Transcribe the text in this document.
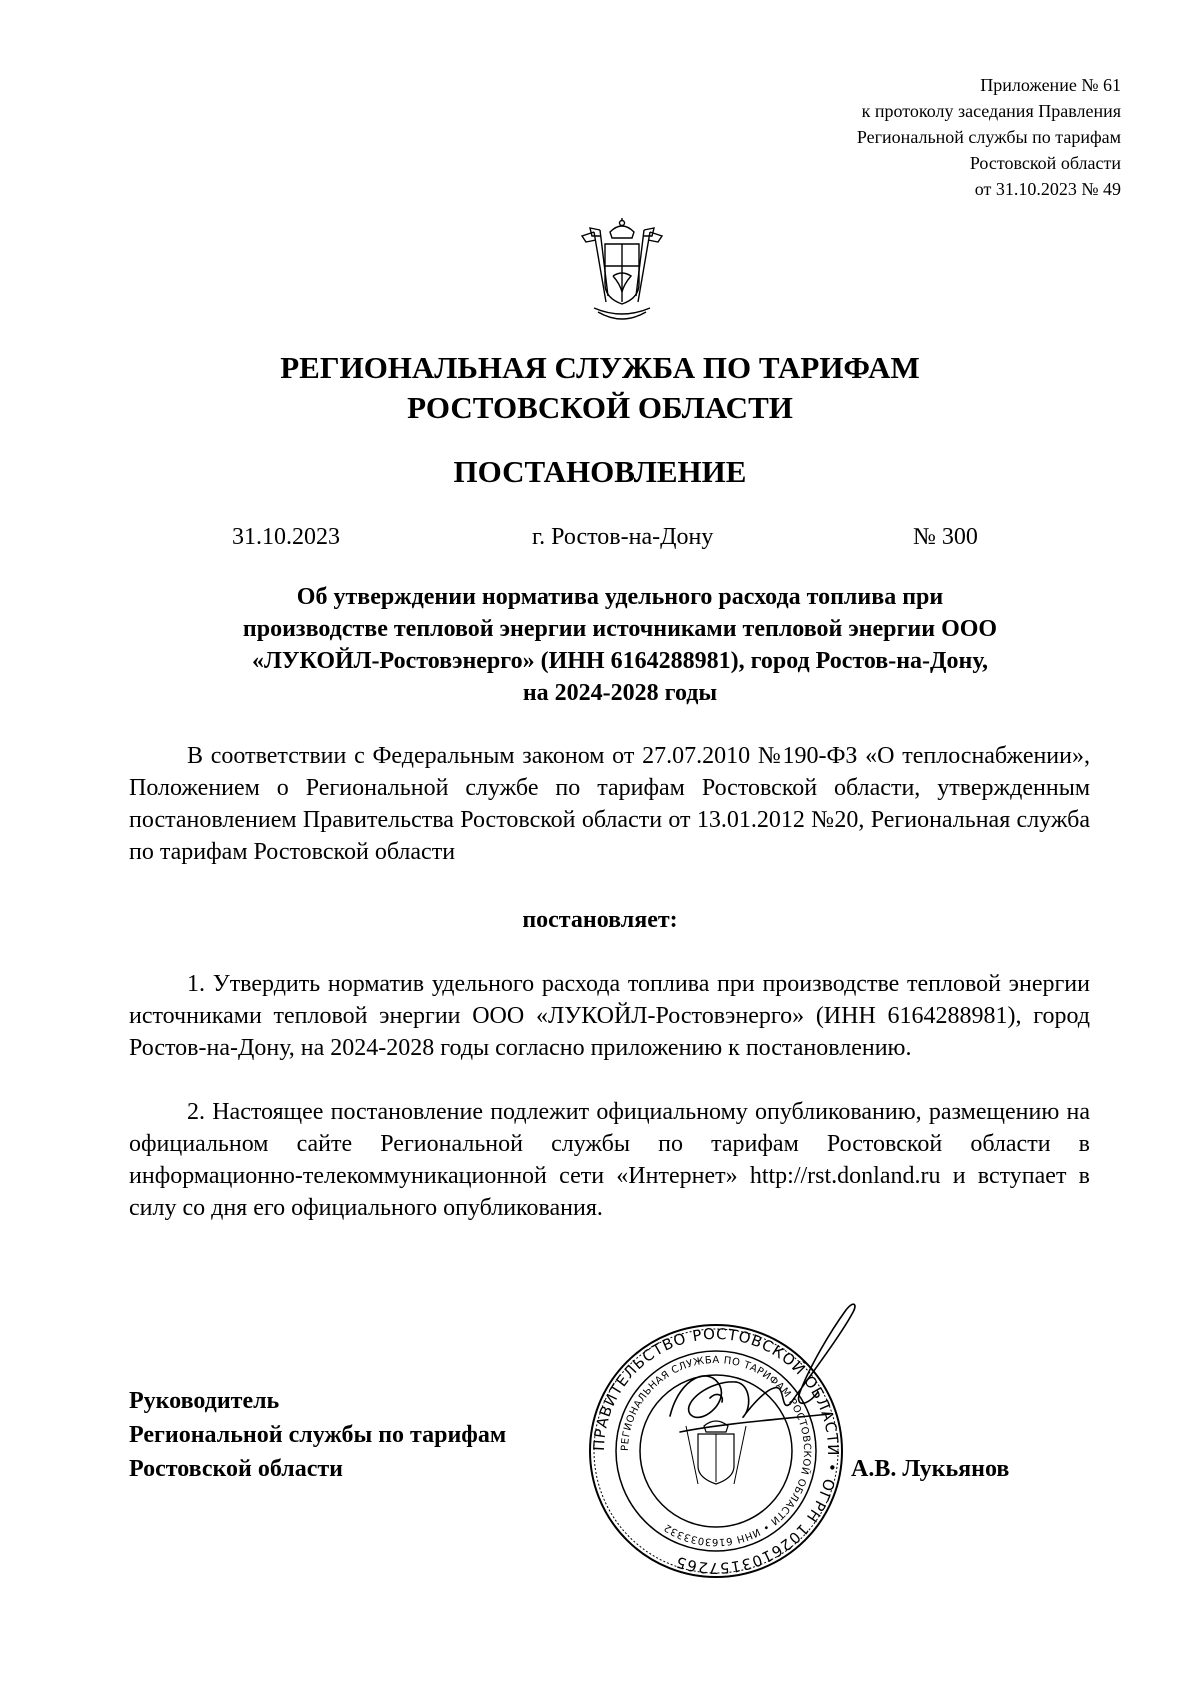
Приложение № 61
к протоколу заседания Правления
Региональной службы по тарифам
Ростовской области
от 31.10.2023 № 49
РЕГИОНАЛЬНАЯ СЛУЖБА ПО ТАРИФАМ
РОСТОВСКОЙ ОБЛАСТИ
ПОСТАНОВЛЕНИЕ
31.10.2023	г. Ростов-на-Дону	№ 300
Об утверждении норматива удельного расхода топлива при
производстве тепловой энергии источниками тепловой энергии ООО
«ЛУКОЙЛ-Ростовэнерго» (ИНН 6164288981), город Ростов-на-Дону,
на 2024-2028 годы
В соответствии с Федеральным законом от 27.07.2010 №190-ФЗ «О теплоснабжении», Положением о Региональной службе по тарифам Ростовской области, утвержденным постановлением Правительства Ростовской области от 13.01.2012 №20, Региональная служба по тарифам Ростовской области
постановляет:
1. Утвердить норматив удельного расхода топлива при производстве тепловой энергии источниками тепловой энергии ООО «ЛУКОЙЛ-Ростовэнерго» (ИНН 6164288981), город Ростов-на-Дону, на 2024-2028 годы согласно приложению к постановлению.
2. Настоящее постановление подлежит официальному опубликованию, размещению на официальном сайте Региональной службы по тарифам Ростовской области в информационно-телекоммуникационной сети «Интернет» http://rst.donland.ru и вступает в силу со дня его официального опубликования.
Руководитель
Региональной службы по тарифам
Ростовской области
ПРАВИТЕЛЬСТВО РОСТОВСКОЙ ОБЛАСТИ • ОГРН 1026103157265
РЕГИОНАЛЬНАЯ СЛУЖБА ПО ТАРИФАМ РОСТОВСКОЙ ОБЛАСТИ • ИНН 6163033332
А.В. Лукьянов
